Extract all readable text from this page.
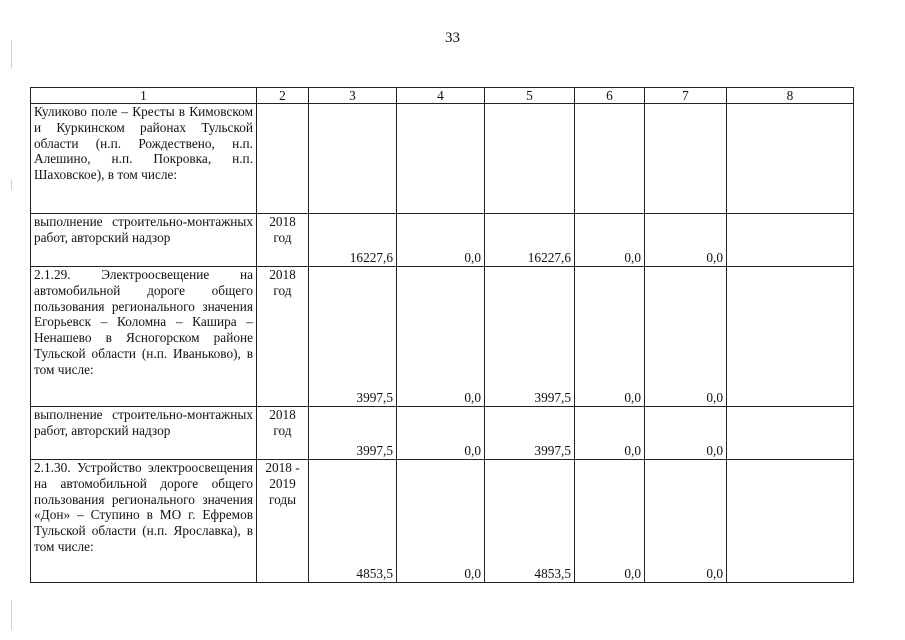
33
1	2	3	4	5	6	7	8
Куликово поле – Кресты в Кимовском и Куркинском районах Тульской области (н.п. Рождествено, н.п. Алешино, н.п. Покровка, н.п. Шаховское), в том числе:							
выполнение строительно-монтажных работ, авторский надзор	2018 год	16227,6	0,0	16227,6	0,0	0,0	
2.1.29. Электроосвещение на автомобильной дороге общего пользования регионального значения Егорьевск – Коломна – Кашира – Ненашево в Ясногорском районе Тульской области (н.п. Иваньково), в том числе:	2018 год	3997,5	0,0	3997,5	0,0	0,0	
выполнение строительно-монтажных работ, авторский надзор	2018 год	3997,5	0,0	3997,5	0,0	0,0	
2.1.30. Устройство электроосвещения на автомобильной дороге общего пользования регионального значения «Дон» – Ступино в МО г. Ефремов Тульской области (н.п. Ярославка), в том числе:	2018 - 2019 годы	4853,5	0,0	4853,5	0,0	0,0	
